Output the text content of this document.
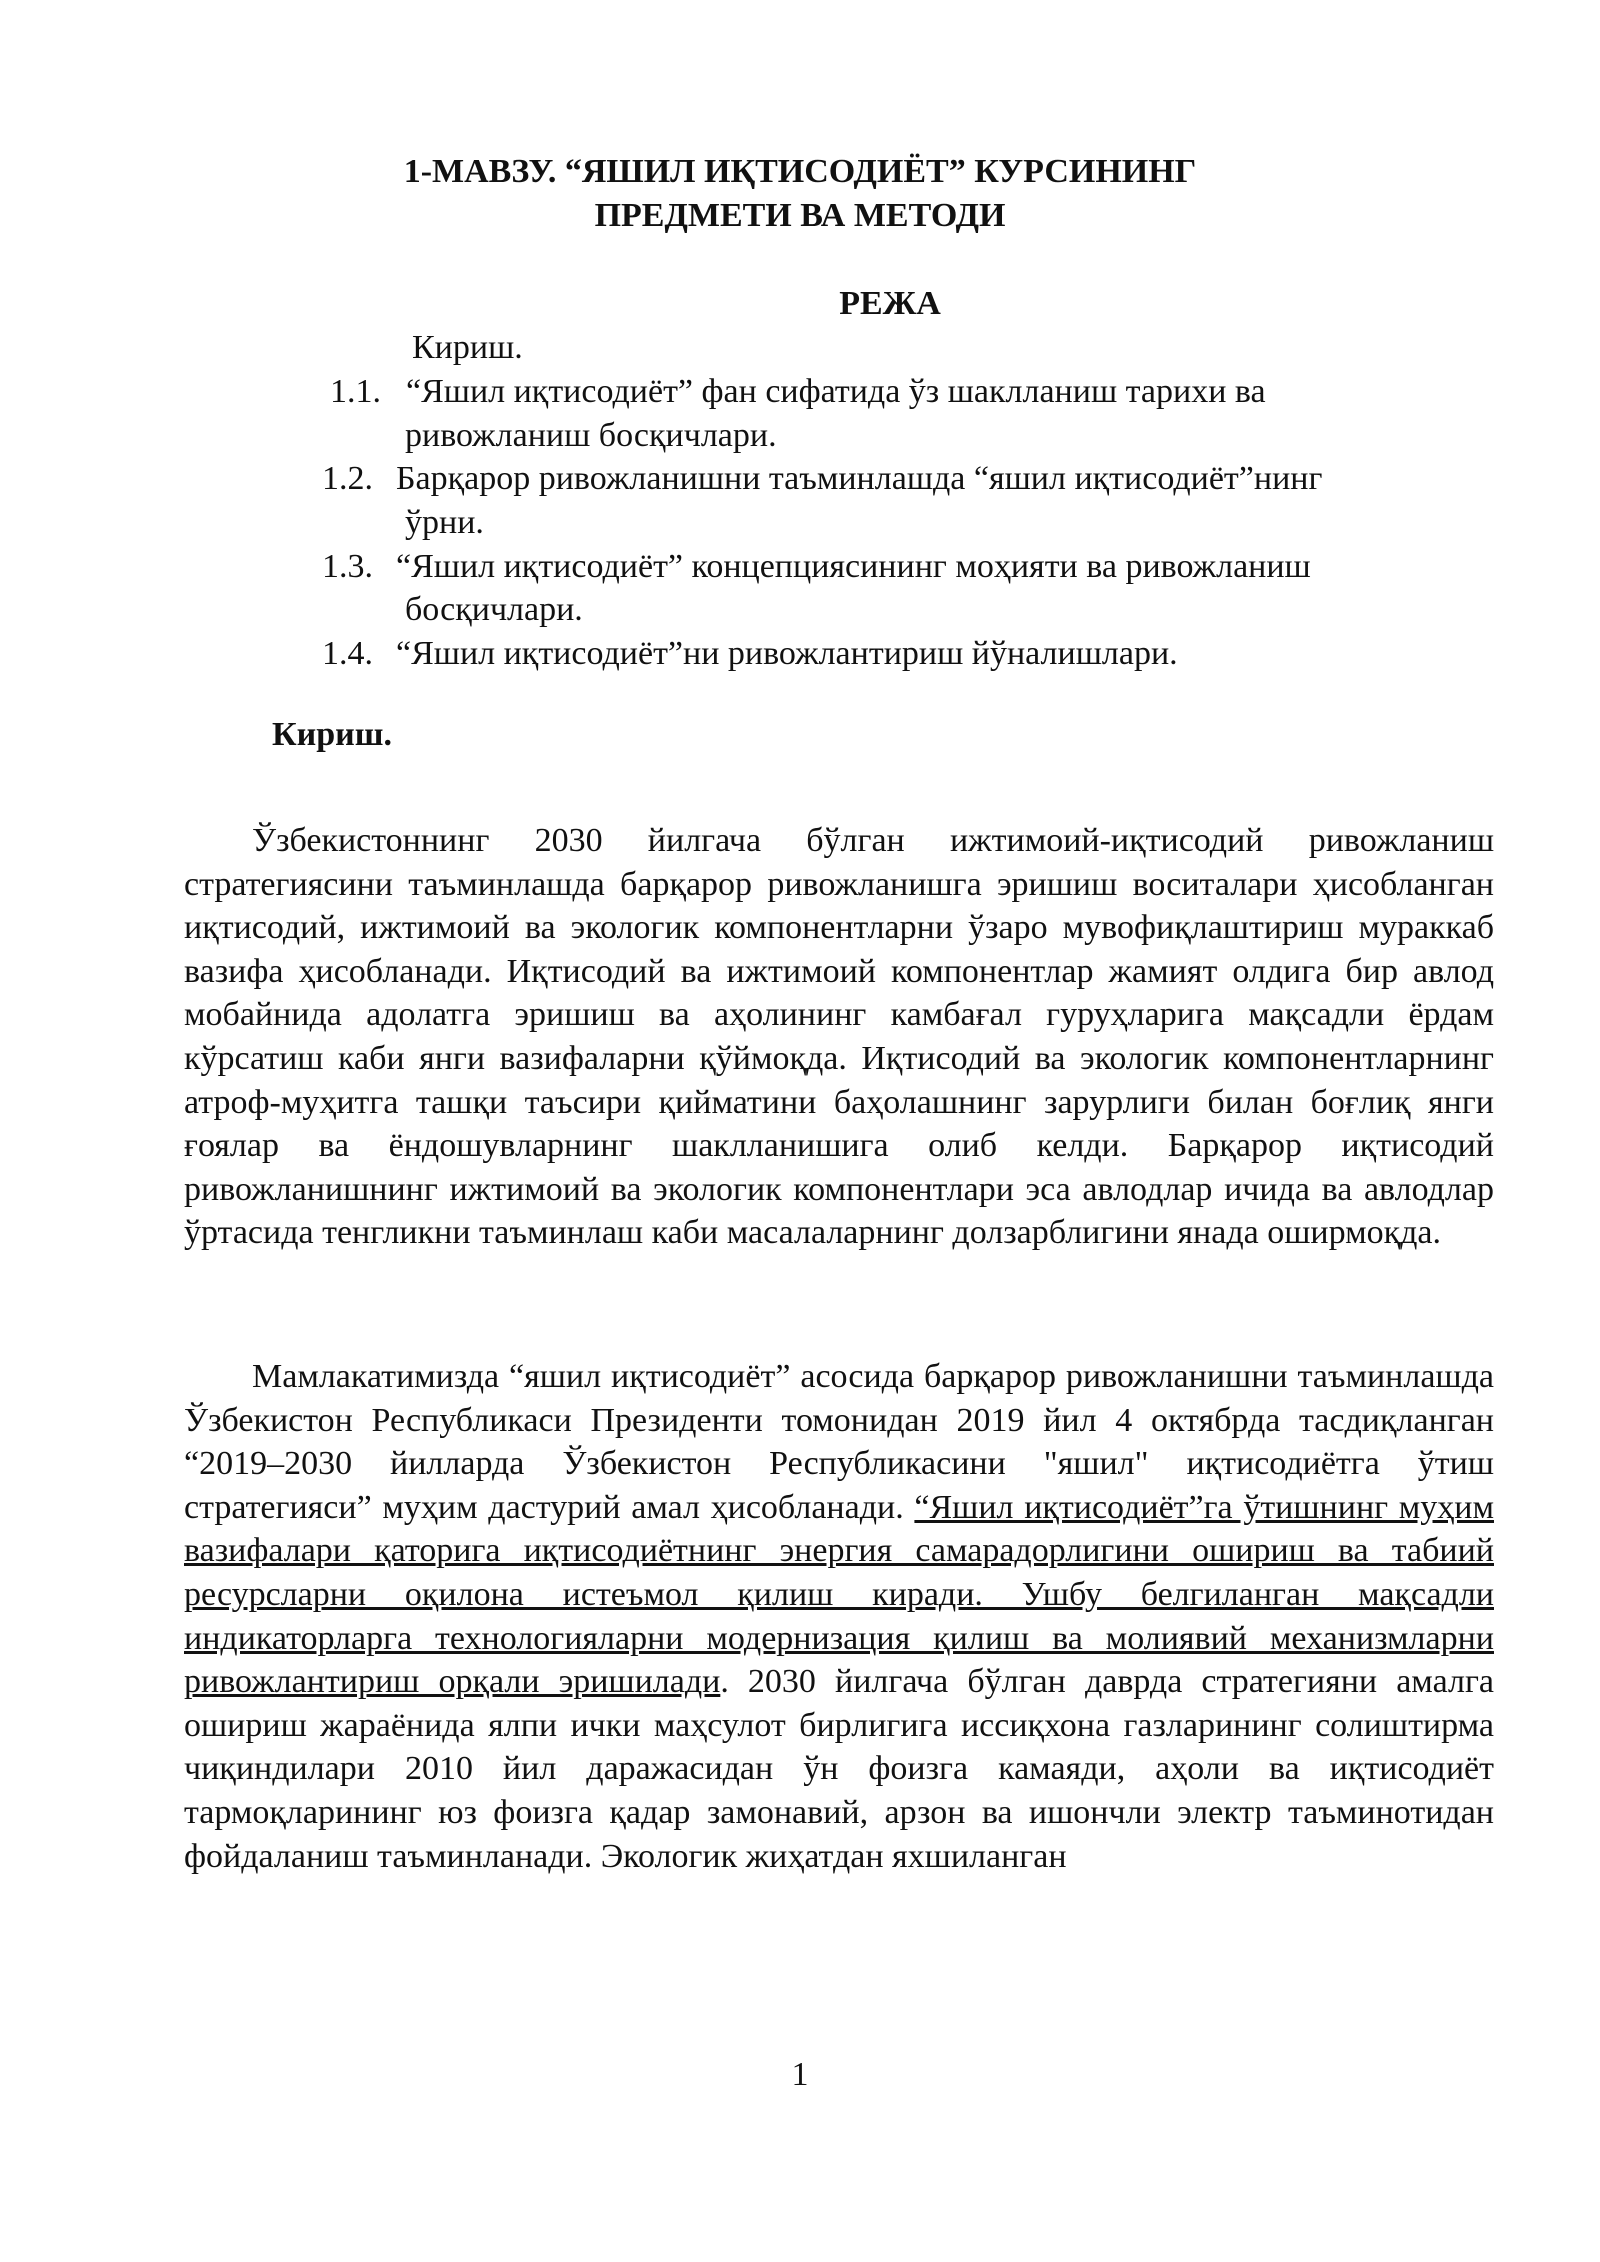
1-МАВЗУ. “ЯШИЛ ИҚТИСОДИЁТ” КУРСИНИНГ
ПРЕДМЕТИ ВА МЕТОДИ
РЕЖА
Кириш.
1.1. “Яшил иқтисодиёт” фан сифатида ўз шаклланиш тарихи ва
ривожланиш босқичлари.
1.2. Барқарор ривожланишни таъминлашда “яшил иқтисодиёт”нинг
ўрни.
1.3. “Яшил иқтисодиёт” концепциясининг моҳияти ва ривожланиш
босқичлари.
1.4. “Яшил иқтисодиёт”ни ривожлантириш йўналишлари.
Кириш.
Ўзбекистоннинг 2030 йилгача бўлган ижтимоий-иқтисодий ривожланиш стратегиясини таъминлашда барқарор ривожланишга эришиш воситалари ҳисобланган иқтисодий, ижтимоий ва экологик компонентларни ўзаро мувофиқлаштириш мураккаб вазифа ҳисобланади. Иқтисодий ва ижтимоий компонентлар жамият олдига бир авлод мобайнида адолатга эришиш ва аҳолининг камбағал гуруҳларига мақсадли ёрдам кўрсатиш каби янги вазифаларни қўймоқда. Иқтисодий ва экологик компонентларнинг атроф-муҳитга ташқи таъсири қийматини баҳолашнинг зарурлиги билан боғлиқ янги ғоялар ва ёндошувларнинг шаклланишига олиб келди. Барқарор иқтисодий ривожланишнинг ижтимоий ва экологик компонентлари эса авлодлар ичида ва авлодлар ўртасида тенгликни таъминлаш каби масалаларнинг долзарблигини янада оширмоқда.
Мамлакатимизда “яшил иқтисодиёт” асосида барқарор ривожланишни таъминлашда Ўзбекистон Республикаси Президенти томонидан 2019 йил 4 октябрда тасдиқланган “2019–2030 йилларда Ўзбекистон Республикасини "яшил" иқтисодиётга ўтиш стратегияси” муҳим дастурий амал ҳисобланади. “Яшил иқтисодиёт”га ўтишнинг муҳим вазифалари қаторига иқтисодиётнинг энергия самарадорлигини ошириш ва табиий ресурсларни оқилона истеъмол қилиш киради. Ушбу белгиланган мақсадли индикаторларга технологияларни модернизация қилиш ва молиявий механизмларни ривожлантириш орқали эришилади. 2030 йилгача бўлган даврда стратегияни амалга ошириш жараёнида ялпи ички маҳсулот бирлигига иссиқхона газларининг солиштирма чиқиндилари 2010 йил даражасидан ўн фоизга камаяди, аҳоли ва иқтисодиёт тармоқларининг юз фоизга қадар замонавий, арзон ва ишончли электр таъминотидан фойдаланиш таъминланади. Экологик жиҳатдан яхшиланган
1
